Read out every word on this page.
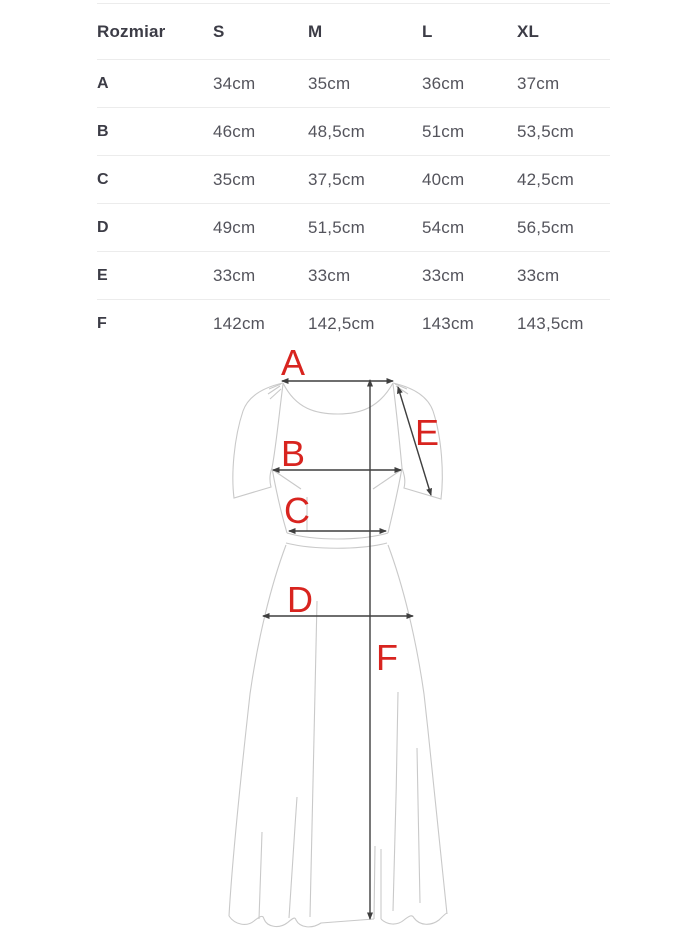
Rozmiar	S	M	L	XL
A	34cm	35cm	36cm	37cm
B	46cm	48,5cm	51cm	53,5cm
C	35cm	37,5cm	40cm	42,5cm
D	49cm	51,5cm	54cm	56,5cm
E	33cm	33cm	33cm	33cm
F	142cm	142,5cm	143cm	143,5cm
A
B
C
D
E
F
